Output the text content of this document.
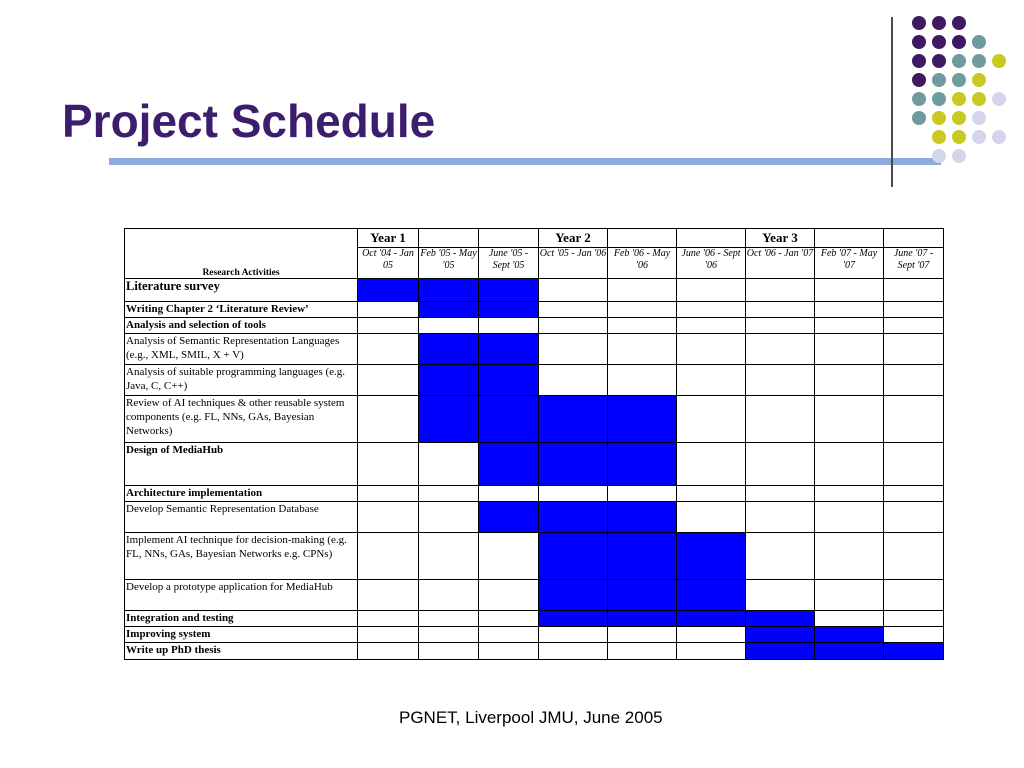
Project Schedule
Research Activities	Year 1			Year 2			Year 3		
	Oct '04 - Jan 05	Feb '05 - May '05	June '05 - Sept '05	Oct '05 - Jan '06	Feb '06 - May '06	June '06 - Sept '06	Oct '06 - Jan '07	Feb '07 - May '07	June '07 - Sept '07
Literature survey									
Writing Chapter 2 ‘Literature Review’									
Analysis and selection of tools									
Analysis of Semantic Representation Languages (e.g., XML, SMIL, X + V)									
Analysis of suitable programming languages (e.g. Java, C, C++)									
Review of AI techniques & other reusable system components (e.g. FL, NNs, GAs, Bayesian Networks)									
Design of MediaHub									
Architecture implementation									
Develop Semantic Representation Database									
Implement AI technique for decision-making (e.g. FL, NNs, GAs, Bayesian Networks e.g. CPNs)									
Develop a prototype application for MediaHub									
Integration and testing									
Improving system									
Write up PhD thesis									

PGNET, Liverpool JMU, June 2005
